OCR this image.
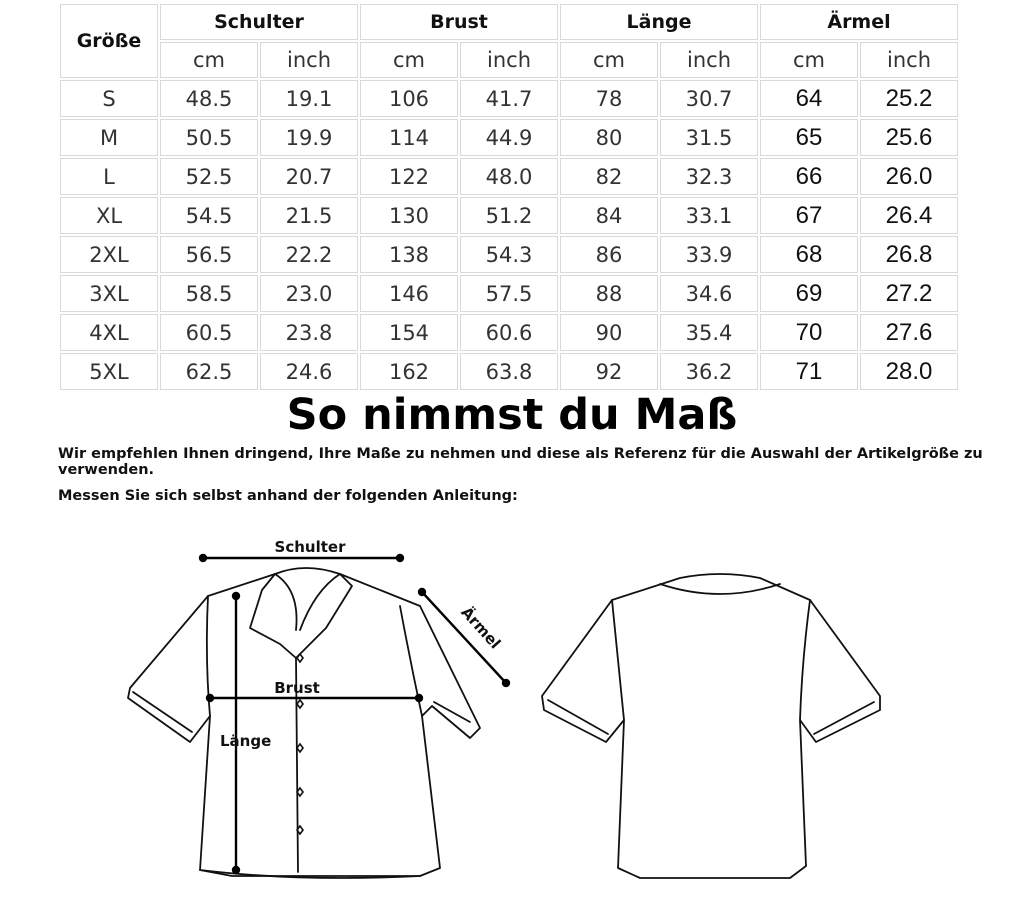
Größe	Schulter		Brust		Länge		Ärmel	
	cm	inch	cm	inch	cm	inch	cm	inch
S	48.5	19.1	106	41.7	78	30.7	64	25.2
M	50.5	19.9	114	44.9	80	31.5	65	25.6
L	52.5	20.7	122	48.0	82	32.3	66	26.0
XL	54.5	21.5	130	51.2	84	33.1	67	26.4
2XL	56.5	22.2	138	54.3	86	33.9	68	26.8
3XL	58.5	23.0	146	57.5	88	34.6	69	27.2
4XL	60.5	23.8	154	60.6	90	35.4	70	27.6
5XL	62.5	24.6	162	63.8	92	36.2	71	28.0
So nimmst du Maß

Wir empfehlen Ihnen dringend, Ihre Maße zu nehmen und diese als Referenz für die Auswahl der Artikelgröße zu verwenden.

Messen Sie sich selbst anhand der folgenden Anleitung:

Schulter
Ärmel
Brust
Länge
